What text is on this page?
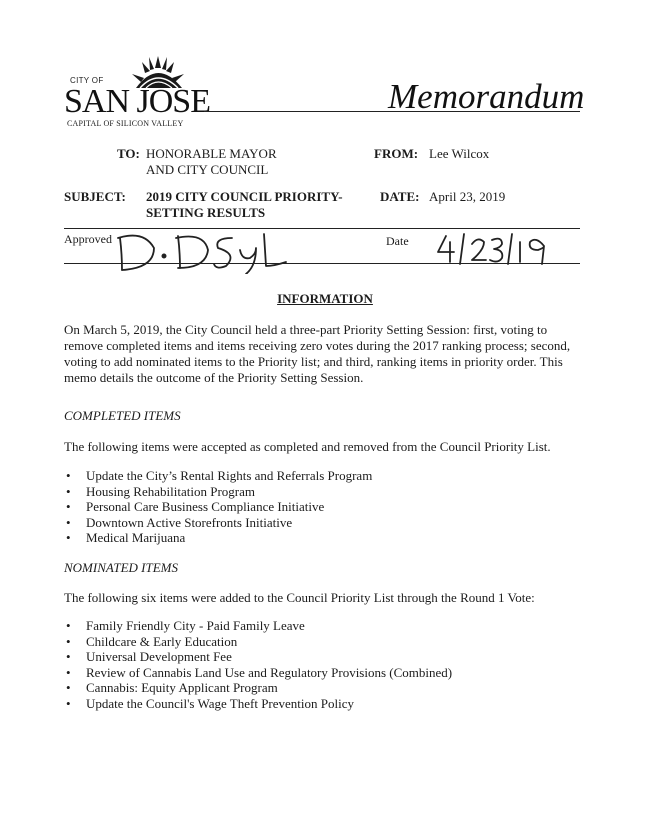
CITY OF
SAN JOSE
CAPITAL OF SILICON VALLEY
Memorandum
TO: HONORABLE MAYOR
AND CITY COUNCIL
FROM: Lee Wilcox
SUBJECT: 2019 CITY COUNCIL PRIORITY-
SETTING RESULTS
DATE: April 23, 2019
Approved	Date
INFORMATION

On March 5, 2019, the City Council held a three-part Priority Setting Session: first, voting to remove completed items and items receiving zero votes during the 2017 ranking process; second, voting to add nominated items to the Priority list; and third, ranking items in priority order. This memo details the outcome of the Priority Setting Session.

COMPLETED ITEMS

The following items were accepted as completed and removed from the Council Priority List.

• Update the City’s Rental Rights and Referrals Program
• Housing Rehabilitation Program
• Personal Care Business Compliance Initiative
• Downtown Active Storefronts Initiative
• Medical Marijuana
NOMINATED ITEMS

The following six items were added to the Council Priority List through the Round 1 Vote:

• Family Friendly City - Paid Family Leave
• Childcare & Early Education
• Universal Development Fee
• Review of Cannabis Land Use and Regulatory Provisions (Combined)
• Cannabis: Equity Applicant Program
• Update the Council's Wage Theft Prevention Policy
